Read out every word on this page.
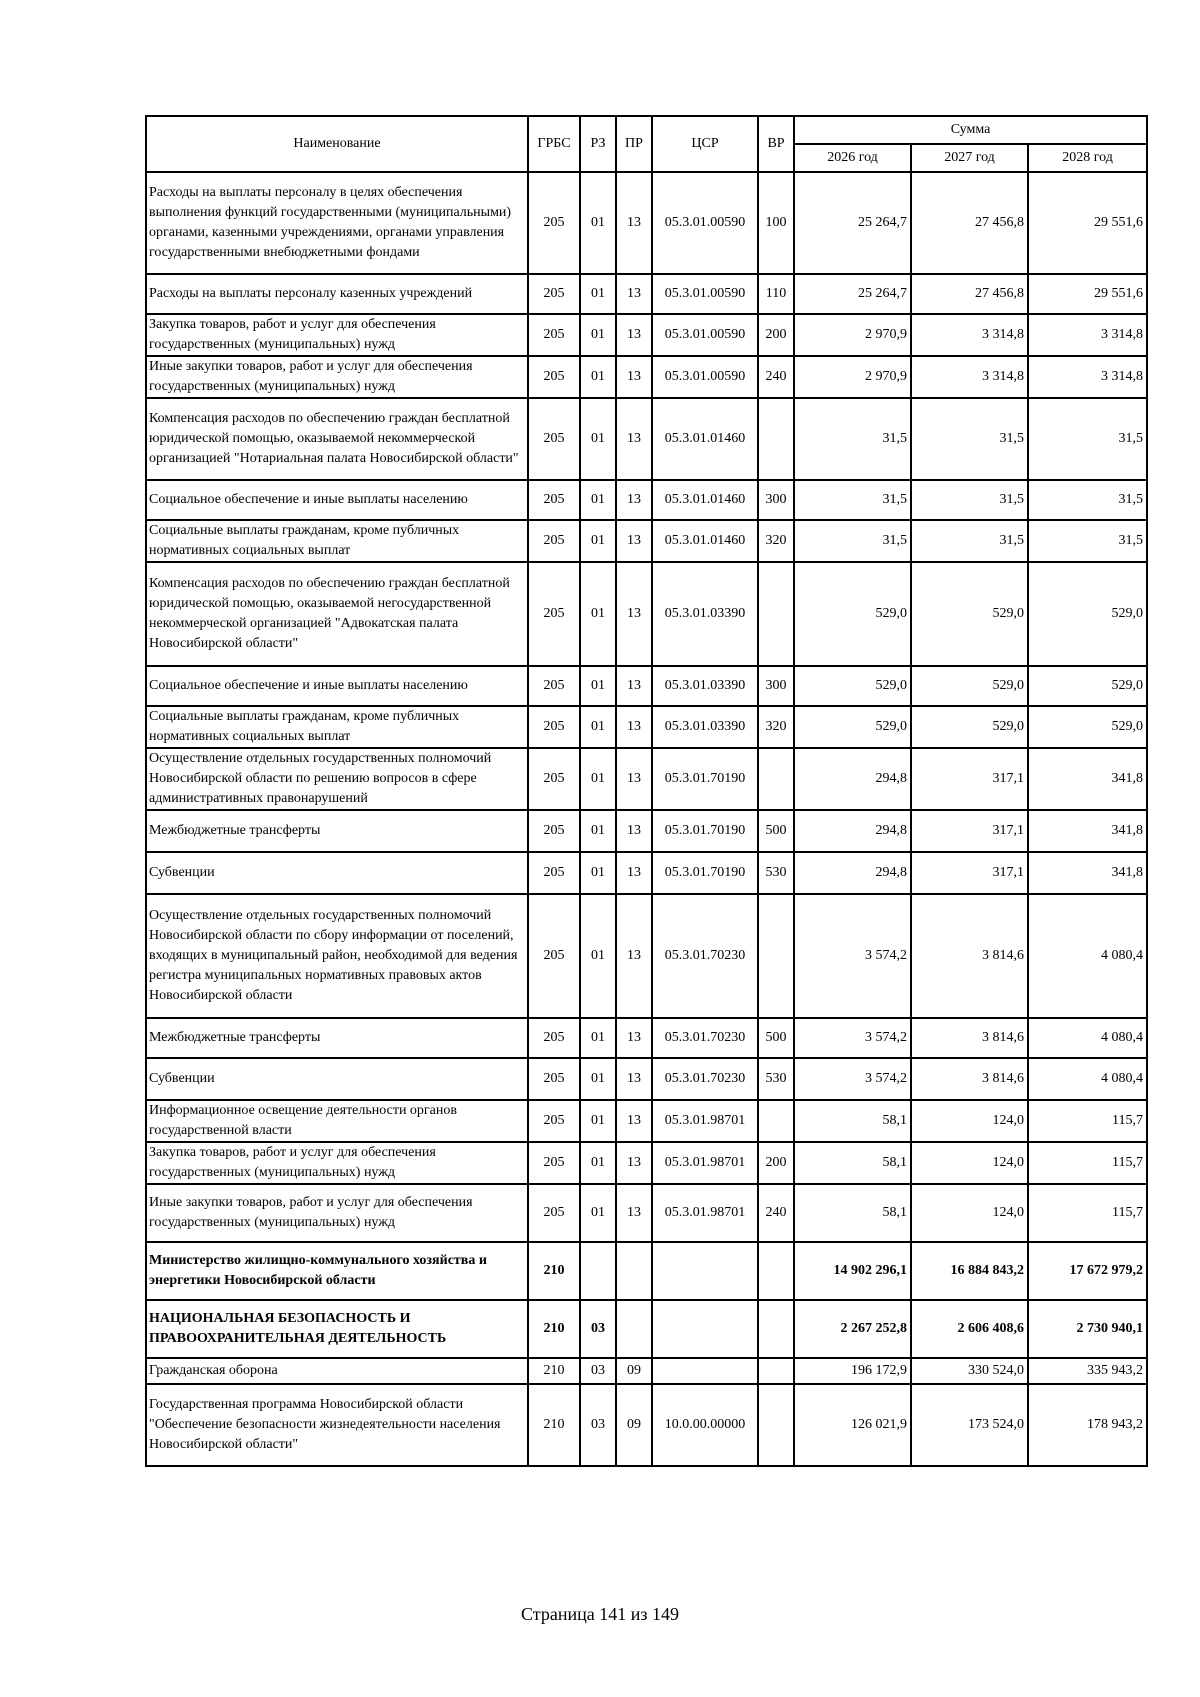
Наименование	ГРБС	РЗ	ПР	ЦСР	ВР	Сумма		
						2026 год	2027 год	2028 год
Расходы на выплаты персоналу в целях обеспечения выполнения функций государственными (муниципальными) органами, казенными учреждениями, органами управления государственными внебюджетными фондами	205	01	13	05.3.01.00590	100	25 264,7	27 456,8	29 551,6
Расходы на выплаты персоналу казенных учреждений	205	01	13	05.3.01.00590	110	25 264,7	27 456,8	29 551,6
Закупка товаров, работ и услуг для обеспечения государственных (муниципальных) нужд	205	01	13	05.3.01.00590	200	2 970,9	3 314,8	3 314,8
Иные закупки товаров, работ и услуг для обеспечения государственных (муниципальных) нужд	205	01	13	05.3.01.00590	240	2 970,9	3 314,8	3 314,8
Компенсация расходов по обеспечению граждан бесплатной юридической помощью, оказываемой некоммерческой организацией "Нотариальная палата Новосибирской области"	205	01	13	05.3.01.01460		31,5	31,5	31,5
Социальное обеспечение и иные выплаты населению	205	01	13	05.3.01.01460	300	31,5	31,5	31,5
Социальные выплаты гражданам, кроме публичных нормативных социальных выплат	205	01	13	05.3.01.01460	320	31,5	31,5	31,5
Компенсация расходов по обеспечению граждан бесплатной юридической помощью, оказываемой негосударственной некоммерческой организацией "Адвокатская палата Новосибирской области"	205	01	13	05.3.01.03390		529,0	529,0	529,0
Социальное обеспечение и иные выплаты населению	205	01	13	05.3.01.03390	300	529,0	529,0	529,0
Социальные выплаты гражданам, кроме публичных нормативных социальных выплат	205	01	13	05.3.01.03390	320	529,0	529,0	529,0
Осуществление отдельных государственных полномочий Новосибирской области по решению вопросов в сфере административных правонарушений	205	01	13	05.3.01.70190		294,8	317,1	341,8
Межбюджетные трансферты	205	01	13	05.3.01.70190	500	294,8	317,1	341,8
Субвенции	205	01	13	05.3.01.70190	530	294,8	317,1	341,8
Осуществление отдельных государственных полномочий Новосибирской области по сбору информации от поселений, входящих в муниципальный район, необходимой для ведения регистра муниципальных нормативных правовых актов Новосибирской области	205	01	13	05.3.01.70230		3 574,2	3 814,6	4 080,4
Межбюджетные трансферты	205	01	13	05.3.01.70230	500	3 574,2	3 814,6	4 080,4
Субвенции	205	01	13	05.3.01.70230	530	3 574,2	3 814,6	4 080,4
Информационное освещение деятельности органов государственной власти	205	01	13	05.3.01.98701		58,1	124,0	115,7
Закупка товаров, работ и услуг для обеспечения государственных (муниципальных) нужд	205	01	13	05.3.01.98701	200	58,1	124,0	115,7
Иные закупки товаров, работ и услуг для обеспечения государственных (муниципальных) нужд	205	01	13	05.3.01.98701	240	58,1	124,0	115,7
Министерство жилищно-коммунального хозяйства и энергетики Новосибирской области	210					14 902 296,1	16 884 843,2	17 672 979,2
НАЦИОНАЛЬНАЯ БЕЗОПАСНОСТЬ И ПРАВООХРАНИТЕЛЬНАЯ ДЕЯТЕЛЬНОСТЬ	210	03				2 267 252,8	2 606 408,6	2 730 940,1
Гражданская оборона	210	03	09			196 172,9	330 524,0	335 943,2
Государственная программа Новосибирской области "Обеспечение безопасности жизнедеятельности населения Новосибирской области"	210	03	09	10.0.00.00000		126 021,9	173 524,0	178 943,2
Страница 141 из 149
